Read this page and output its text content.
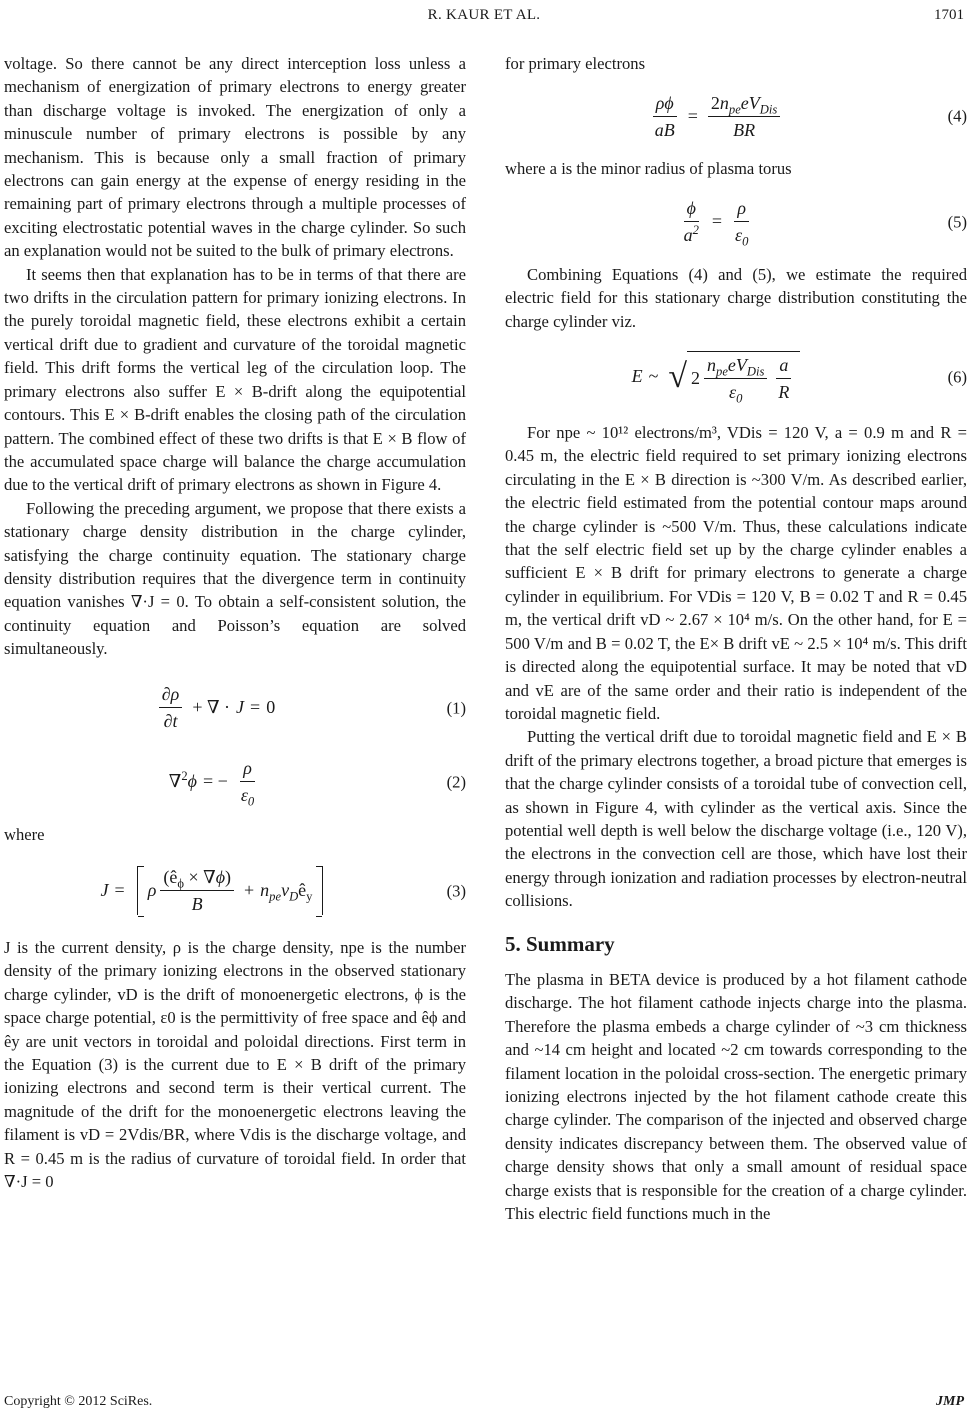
R. KAUR ET AL.	1701

voltage. So there cannot be any direct interception loss unless a mechanism of energization of primary electrons to energy greater than discharge voltage is invoked. The energization of only a minuscule number of primary electrons is possible by any mechanism. This is because only a small fraction of primary electrons can gain energy at the expense of energy residing in the remaining part of primary electrons through a multiple processes of exciting electrostatic potential waves in the charge cylinder. So such an explanation would not be suited to the bulk of primary electrons.

It seems then that explanation has to be in terms of that there are two drifts in the circulation pattern for primary ionizing electrons. In the purely toroidal magnetic field, these electrons exhibit a certain vertical drift due to gradient and curvature of the toroidal magnetic field. This drift forms the vertical leg of the circulation loop. The primary electrons also suffer E × B-drift along the equipotential contours. This E × B-drift enables the closing path of the circulation pattern. The combined effect of these two drifts is that E × B flow of the accumulated space charge will balance the charge accumulation due to the vertical drift of primary electrons as shown in Figure 4.

Following the preceding argument, we propose that there exists a stationary charge density distribution in the charge cylinder, satisfying the charge continuity equation. The stationary charge density distribution requires that the divergence term in continuity equation vanishes ∇·J = 0. To obtain a self-consistent solution, the continuity equation and Poisson’s equation are solved simultaneously.

$\frac{\partial\rho}{\partial t}$ + ∇ · J = 0	(1)
∇$^2$ ϕ = − $\frac{\rho}{\varepsilon_0}$	(2)

where

J = ρ $\frac{(ê_\phi \times \nabla\phi)}{B} + n_{pe}v_D$ $ê_y$	(3)

J is the current density, ρ is the charge density, npe is the number density of the primary ionizing electrons in the observed stationary charge cylinder, vD is the drift of monoenergetic electrons, ϕ is the space charge potential, ε0 is the permittivity of free space and êϕ and êy are unit vectors in toroidal and poloidal directions. First term in the Equation (3) is the current due to E × B drift of the primary ionizing electrons and second term is their vertical current. The magnitude of the drift for the monoenergetic electrons leaving the filament is vD = 2Vdis/BR, where Vdis is the discharge voltage, and R = 0.45 m is the radius of curvature of toroidal field. In order that ∇·J = 0

for primary electrons

$\frac{\rho\phi}{aB} = \frac{2n_{pe}eV_{Dis}}{BR}$	(4)

where a is the minor radius of plasma torus

$\frac{\phi}{a^2} = \frac{\rho}{\varepsilon_0}$	(5)

Combining Equations (4) and (5), we estimate the required electric field for this stationary charge distribution constituting the charge cylinder viz.

E ~ √ $2 \frac{n_{pe}eV_{Dis}}{\varepsilon_0} \frac{a}{R}$	(6)

For npe ~ 10¹² electrons/m³, VDis = 120 V, a = 0.9 m and R = 0.45 m, the electric field required to set primary ionizing electrons circulating in the E × B direction is ~300 V/m. As described earlier, the electric field estimated from the potential contour maps around the charge cylinder is ~500 V/m. Thus, these calculations indicate that the self electric field set up by the charge cylinder enables a sufficient E × B drift for primary electrons to generate a charge cylinder in equilibrium. For VDis = 120 V, B = 0.02 T and R = 0.45 m, the vertical drift vD ~ 2.67 × 10⁴ m/s. On the other hand, for E = 500 V/m and B = 0.02 T, the E× B drift vE ~ 2.5 × 10⁴ m/s. This drift is directed along the equipotential surface. It may be noted that vD and vE are of the same order and their ratio is independent of the toroidal magnetic field.

Putting the vertical drift due to toroidal magnetic field and E × B drift of the primary electrons together, a broad picture that emerges is that the charge cylinder consists of a toroidal tube of convection cell, as shown in Figure 4, with cylinder as the vertical axis. Since the potential well depth is well below the discharge voltage (i.e., 120 V), the electrons in the convection cell are those, which have lost their energy through ionization and radiation processes by electron-neutral collisions.

5. Summary

The plasma in BETA device is produced by a hot filament cathode discharge. The hot filament cathode injects charge into the plasma. Therefore the plasma embeds a charge cylinder of ~3 cm thickness and ~14 cm height and located ~2 cm towards corresponding to the filament location in the poloidal cross-section. The energetic primary ionizing electrons injected by the hot filament cathode create this charge cylinder. The comparison of the injected and observed charge density indicates discrepancy between them. The observed value of charge density shows that only a small amount of residual space charge exists that is responsible for the creation of a charge cylinder. This electric field functions much in the

Copyright © 2012 SciRes.	JMP
